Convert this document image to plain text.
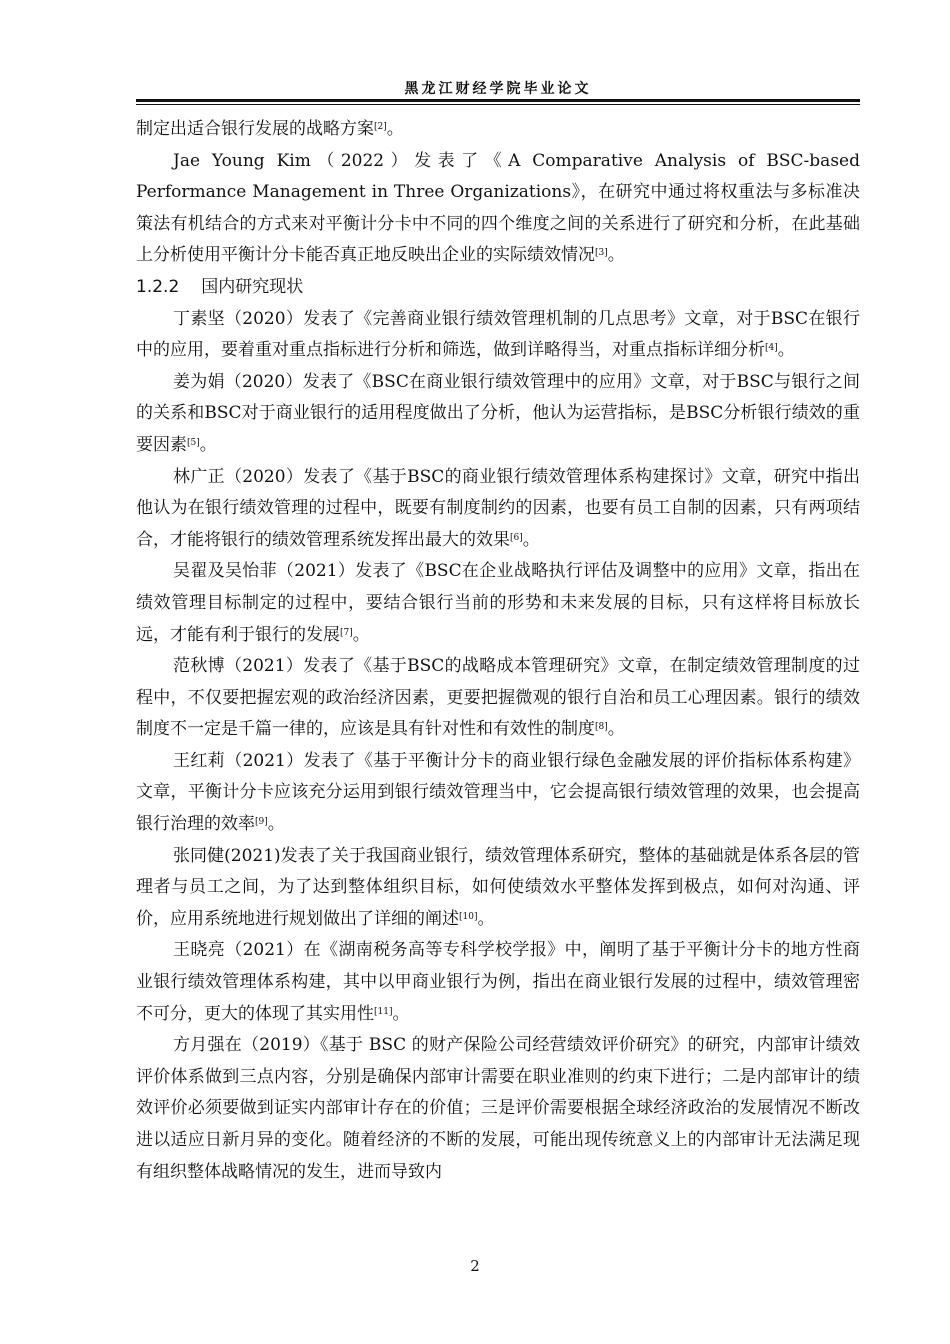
黑龙江财经学院毕业论文

制定出适合银行发展的战略方案[2]。

Jae Young Kim（2022）发表了《A Comparative Analysis of BSC-based Performance Management in Three Organizations》，在研究中通过将权重法与多标准决策法有机结合的方式来对平衡计分卡中不同的四个维度之间的关系进行了研究和分析，在此基础上分析使用平衡计分卡能否真正地反映出企业的实际绩效情况[3]。

1.2.2 国内研究现状

丁素坚（2020）发表了《完善商业银行绩效管理机制的几点思考》文章，对于BSC在银行中的应用，要着重对重点指标进行分析和筛选，做到详略得当，对重点指标详细分析[4]。

姜为娟（2020）发表了《BSC在商业银行绩效管理中的应用》文章，对于BSC与银行之间的关系和BSC对于商业银行的适用程度做出了分析，他认为运营指标，是BSC分析银行绩效的重要因素[5]。

林广正（2020）发表了《基于BSC的商业银行绩效管理体系构建探讨》文章，研究中指出他认为在银行绩效管理的过程中，既要有制度制约的因素，也要有员工自制的因素，只有两项结合，才能将银行的绩效管理系统发挥出最大的效果[6]。

吴翟及吴怡菲（2021）发表了《BSC在企业战略执行评估及调整中的应用》文章，指出在绩效管理目标制定的过程中，要结合银行当前的形势和未来发展的目标，只有这样将目标放长远，才能有利于银行的发展[7]。

范秋博（2021）发表了《基于BSC的战略成本管理研究》文章，在制定绩效管理制度的过程中，不仅要把握宏观的政治经济因素，更要把握微观的银行自治和员工心理因素。银行的绩效制度不一定是千篇一律的，应该是具有针对性和有效性的制度[8]。

王红莉（2021）发表了《基于平衡计分卡的商业银行绿色金融发展的评价指标体系构建》文章，平衡计分卡应该充分运用到银行绩效管理当中，它会提高银行绩效管理的效果，也会提高银行治理的效率[9]。

张同健(2021)发表了关于我国商业银行，绩效管理体系研究，整体的基础就是体系各层的管理者与员工之间，为了达到整体组织目标，如何使绩效水平整体发挥到极点，如何对沟通、评价，应用系统地进行规划做出了详细的阐述[10]。

王晓亮（2021）在《湖南税务高等专科学校学报》中，阐明了基于平衡计分卡的地方性商业银行绩效管理体系构建，其中以甲商业银行为例，指出在商业银行发展的过程中，绩效管理密不可分，更大的体现了其实用性[11]。

方月强在（2019）《基于 BSC 的财产保险公司经营绩效评价研究》的研究，内部审计绩效评价体系做到三点内容，分别是确保内部审计需要在职业准则的约束下进行；二是内部审计的绩效评价必须要做到证实内部审计存在的价值；三是评价需要根据全球经济政治的发展情况不断改进以适应日新月异的变化。随着经济的不断的发展，可能出现传统意义上的内部审计无法满足现有组织整体战略情况的发生，进而导致内

2
